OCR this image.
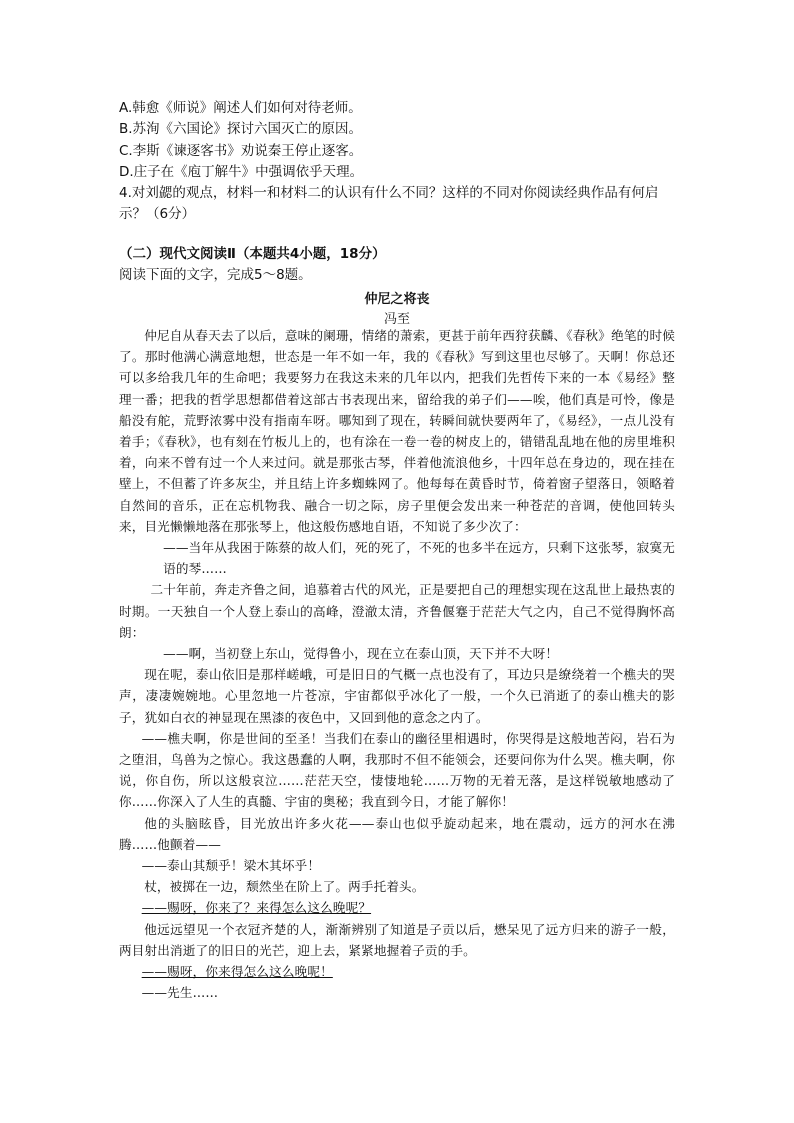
A.韩愈《师说》阐述人们如何对待老师。

B.苏洵《六国论》探讨六国灭亡的原因。

C.李斯《谏逐客书》劝说秦王停止逐客。

D.庄子在《庖丁解牛》中强调依乎天理。

4.对刘勰的观点，材料一和材料二的认识有什么不同？这样的不同对你阅读经典作品有何启示？（6分）

（二）现代文阅读Ⅱ（本题共4小题，18分）

阅读下面的文字，完成5～8题。

仲尼之将丧
冯至

仲尼自从春天去了以后，意味的阑珊，情绪的萧索，更甚于前年西狩获麟、《春秋》绝笔的时候了。那时他满心满意地想，世态是一年不如一年，我的《春秋》写到这里也尽够了。天啊！你总还可以多给我几年的生命吧；我要努力在我这未来的几年以内，把我们先哲传下来的一本《易经》整理一番；把我的哲学思想都借着这部古书表现出来，留给我的弟子们——唉，他们真是可怜，像是船没有舵，荒野浓雾中没有指南车呀。哪知到了现在，转瞬间就快要两年了，《易经》，一点儿没有着手；《春秋》，也有刻在竹板儿上的，也有涂在一卷一卷的树皮上的，错错乱乱地在他的房里堆积着，向来不曾有过一个人来过问。就是那张古琴，伴着他流浪他乡，十四年总在身边的，现在挂在壁上，不但蓄了许多灰尘，并且结上许多蜘蛛网了。他每每在黄昏时节，倚着窗子望落日，领略着自然间的音乐，正在忘机物我、融合一切之际，房子里便会发出来一种苍茫的音调，使他回转头来，目光懒懒地落在那张琴上，他这般伤感地自语，不知说了多少次了：

——当年从我困于陈蔡的故人们，死的死了，不死的也多半在远方，只剩下这张琴，寂寞无语的琴……

二十年前，奔走齐鲁之间，追慕着古代的风光，正是要把自己的理想实现在这乱世上最热衷的时期。一天独自一个人登上泰山的高峰，澄澈太清，齐鲁偃蹇于茫茫大气之内，自己不觉得胸怀高朗：

——啊，当初登上东山，觉得鲁小，现在立在泰山顶，天下并不大呀！

现在呢，泰山依旧是那样嵯峨，可是旧日的气概一点也没有了，耳边只是缭绕着一个樵夫的哭声，凄凄婉婉地。心里忽地一片苍凉，宇宙都似乎冰化了一般，一个久已消逝了的泰山樵夫的影子，犹如白衣的神显现在黑漆的夜色中，又回到他的意念之内了。

——樵夫啊，你是世间的至圣！当我们在泰山的幽径里相遇时，你哭得是这般地苦闷，岩石为之堕泪，鸟兽为之惊心。我这愚蠢的人啊，我那时不但不能领会，还要问你为什么哭。樵夫啊，你说，你自伤，所以这般哀泣……茫茫天空，悽悽地轮……万物的无着无落，是这样锐敏地感动了你……你深入了人生的真髓、宇宙的奥秘；我直到今日，才能了解你！

他的头脑眩昏，目光放出许多火花——泰山也似乎旋动起来，地在震动，远方的河水在沸腾……他颤着——

——泰山其颓乎！梁木其坏乎！

杖，被掷在一边，颓然坐在阶上了。两手托着头。

——赐呀，你来了？来得怎么这么晚呢？

他远远望见一个衣冠齐楚的人，渐渐辨别了知道是子贡以后，懋呆见了远方归来的游子一般，两目射出消逝了的旧日的光芒，迎上去，紧紧地握着子贡的手。

——赐呀，你来得怎么这么晚呢！

——先生……
